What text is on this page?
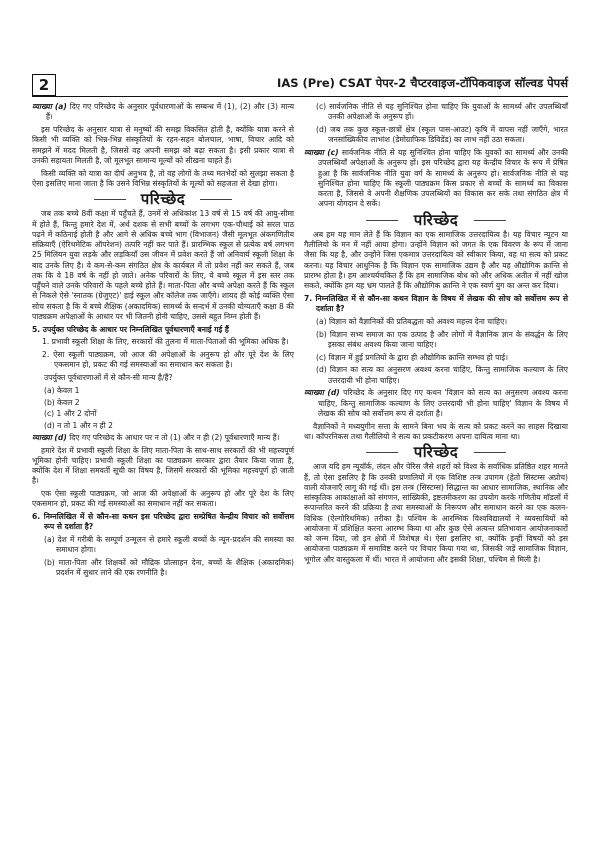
2	IAS (Pre) CSAT पेपर-2 चैप्टरवाइज-टॉपिकवाइज सॉल्वड पेपर्स

व्याख्या (a) दिए गए परिच्छेद के अनुसार पूर्वधारणाओं के सम्बन्ध में (1), (2) और (3) मान्य हैं।

इस परिच्छेद के अनुसार यात्रा से मनुष्यों की समझ विकसित होती है, क्योंकि यात्रा करने से किसी भी व्यक्ति को भिन्न-भिन्न संस्कृतियों के रहन-सहन बोलचाल, भाषा, विचार आदि को समझने में मदद मिलती है, जिससे वह अपनी समझ को बढ़ा सकता है। इसी प्रकार यात्रा से उनकी सहायता मिलती है, जो मूलभूत सामान्य मूल्यों को सीखना चाहते हैं।

किसी व्यक्ति को यात्रा का दीर्घ अनुभव है, तो वह लोगों के तथ्य मतभेदों को सुलझा सकता है ऐसा इसलिए माना जाता है कि उसने विभिन्न संस्कृतियों के मूल्यों को सहजता से देखा होगा।

परिच्छेद

जब तक बच्चे 8वीं कक्षा में पहुँचते हैं, उनमें से अधिकांश 13 वर्ष से 15 वर्ष की आयु-सीमा में होते हैं, किन्तु हमारे देश में, अर्थ दशक से सभी बच्चों के लगभग एक-चौथाई को सरल पाठ पढ़ने में कठिनाई होती है और आगे से अधिक बच्चे भाग (विभाजन) जैसी मूलभूत अंकगणितीय संक्रियाएँ (ऐरिथमेटिक ऑपरेशन) तत्परि नहीं कर पाते हैं। प्रारम्भिक स्कूल से प्रत्येक वर्ष लगभग 25 मिलियन युवा लड़के और लड़कियाँ उस जीवन में प्रवेश करते हैं जो अनिवार्य स्कूली शिक्षा के बाद उनके लिए है। वे कम-से-कम संगठित क्षेत्र के कार्यबल में तो प्रवेश नहीं कर सकते हैं, जब तक कि वे 18 वर्ष के नहीं हो जाते। अनेक परिवारों के लिए, ये बच्चे स्कूल में इस स्तर तक पहुँचने वाले उनके परिवारों के पहले बच्चे होते हैं। माता-पिता और बच्चे अपेक्षा करते हैं कि स्कूल से निकले ऐसे 'स्नातक (ग्रेजुएट)' हाई स्कूल और कॉलेज तक जाएँगे। शायद ही कोई व्यक्ति ऐसा सोच सकता है कि ये बच्चे शैक्षिक (अकादमिक) सामर्थ्य के सन्दर्भ में उनकी योग्यताएँ कक्षा 8 की पाठ्यक्रम अपेक्षाओं के आधार पर भी जितनी होनी चाहिए, उससे बहुत निम्न होती हैं।

5. उपर्युक्त परिच्छेद के आधार पर निम्नलिखित पूर्वधारणाएँ बनाई गई हैं

1. प्रभावी स्कूली शिक्षा के लिए, सरकारों की तुलना में माता-पिताओं की भूमिका अधिक है।

2. ऐसा स्कूली पाठ्यक्रम, जो आज की अपेक्षाओं के अनुरूप हो और पूरे देश के लिए एकसमान हो, प्रकट की गई समस्याओं का समाधान कर सकता है।

उपर्युक्त पूर्वधारणाओं में से कौन-सी मान्य है/हैं?

(a) केवल 1

(b) केवल 2

(c) 1 और 2 दोनों

(d) न तो 1 और न ही 2

व्याख्या (d) दिए गए परिच्छेद के आधार पर न तो (1) और न ही (2) पूर्वधारणाएँ मान्य हैं।

हमारे देश में प्रभावी स्कूली शिक्षा के लिए माता-पिता के साथ-साथ सरकारों की भी महत्त्वपूर्ण भूमिका होनी चाहिए। प्रभावी स्कूली शिक्षा का पाठ्यक्रम सरकार द्वारा तैयार किया जाता है, क्योंकि देश में शिक्षा समवर्ती सूची का विषय है, जिसमें सरकारों की भूमिका महत्त्वपूर्ण हो जाती है।

एक ऐसा स्कूली पाठ्यक्रम, जो आज की अपेक्षाओं के अनुरूप हो और पूरे देश के लिए एकसमान हो, प्रकट की गई समस्याओं का समाधान नहीं कर सकता।

6. निम्नलिखित में से कौन-सा कथन इस परिच्छेद द्वारा सम्प्रेषित केन्द्रीय विचार को सर्वोत्तम रूप से दर्शाता है?

(a) देश में गरीबी के सम्पूर्ण उन्मूलन से हमारे स्कूली बच्चों के न्यून-प्रदर्शन की समस्या का समाधान होगा।

(b) माता-पिता और शिक्षकों को मौद्रिक प्रोत्साहन देना, बच्चों के शैक्षिक (अकादमिक) प्रदर्शन में सुधार लाने की एक रणनीति है।

(c) सार्वजनिक नीति से यह सुनिश्चित होना चाहिए कि युवाओं के सामर्थ्य और उपलब्धियाँ उनकी अपेक्षाओं के अनुरूप हों।

(d) जब तक कुछ स्कूल-छात्रों क्षेत्र (स्कूल पास-आउट) कृषि में वापस नहीं जाएँगे, भारत जनसांख्यिकीय लाभांश (डेमोग्राफिक डिविडेंड) का लाभ नहीं उठा सकता।

व्याख्या (c) सार्वजनिक नीति से यह सुनिश्चित होना चाहिए कि युवकों का सामर्थ्य और उनकी उपलब्धियाँ अपेक्षाओं के अनुरूप हों। इस परिच्छेद द्वारा यह केन्द्रीय विचार के रूप में प्रेषित हुआ है कि सार्वजनिक नीति युवा वर्ग के सामर्थ्य के अनुरूप हो। सार्वजनिक नीति से यह सुनिश्चित होना चाहिए कि स्कूली पाठ्यक्रम किस प्रकार से बच्चों के सामर्थ्य का विकास करता है, जिससे वे अपनी शैक्षणिक उपलब्धियों का विकास कर सके तथा संगठित क्षेत्र में अपना योगदान दे सकें।

परिच्छेद

अब हम यह मान लेते हैं कि विज्ञान का एक सामाजिक उत्तरदायित्व है। यह विचार न्यूटन या गैलीलियो के मन में नहीं आया होगा। उन्होंने विज्ञान को जगत के एक विवरण के रूप में जाना जैसा कि यह है, और उन्होंने जिस एकमात्र उत्तरदायित्व को स्वीकार किया, वह था सत्य को प्रकट करना। यह विचार आधुनिक है कि विज्ञान एक सामाजिक उद्यम है और यह औद्योगिक क्रान्ति से प्रारम्भ होता है। हम आश्चर्यचकित हैं कि हम सामाजिक बोध को और अधिक अतीत में नहीं खोज सकते, क्योंकि हम यह भ्रम पालते हैं कि औद्योगिक क्रान्ति ने एक स्वर्ण युग का अन्त कर दिया।

7. निम्नलिखित में से कौन-सा कथन विज्ञान के विषय में लेखक की सोच को सर्वोत्तम रूप से दर्शाता है?

(a) विज्ञान को वैज्ञानिकों की प्रतिबद्धता को अवश्य महत्त्व देना चाहिए।

(b) विज्ञान सभ्य समाज का एक उत्पाद है और लोगों में वैज्ञानिक ज्ञान के संवर्द्धन के लिए इसका संबंध अवश्य किया जाना चाहिए।

(c) विज्ञान में हुई प्रगतियों के द्वारा ही औद्योगिक क्रान्ति सम्भव हो पाई।

(d) विज्ञान का सत्य का अनुसरण अवश्य करना चाहिए, किन्तु सामाजिक कल्याण के लिए उत्तरदायी भी होना चाहिए।

व्याख्या (d) परिच्छेद के अनुसार दिए गए कथन 'विज्ञान को सत्य का अनुसरण अवश्य करना चाहिए, किन्तु सामाजिक कल्याण के लिए उत्तरदायी भी होना चाहिए' विज्ञान के विषय में लेखक की सोच को सर्वोत्तम रूप से दर्शाता है।

वैज्ञानिकों ने मध्ययुगीन सत्ता के सामने बिना भय के सत्य को प्रकट करने का साहस दिखाया था। कॉपरनिकस तथा गैलीलियो ने सत्य का प्रकटीकरण अपना दायित्व माना था।

परिच्छेद

आज यदि हम न्यूयॉर्क, लंदन और पेरिस जैसे शहरों को विश्व के सर्वाधिक प्रतिष्ठित शहर मानते हैं, तो ऐसा इसलिए है कि उनकी प्रणालियों में एक विशिष्ट तन्त्र उपागम (हेतो सिस्टम्स अप्रोच) वाली योजनाएँ लागू की गई थीं। इस तन्त्र (सिस्टम्स) सिद्धान्त का आधार सामाजिक, स्थानिक और सांस्कृतिक आकांक्षाओं को संगणन, सांख्यिकी, इष्टतमीकरण का उपयोग करके गणितीय मॉडलों में रूपान्तरित करने की प्रक्रिया है तथा समस्याओं के निरूपण और समाधान करने का एक कलन-विधिक (ऐल्गोरिथमिक) तरीका है। पश्चिम के आरम्भिक विश्वविद्यालयों ने व्यवसायियों को आयोजना में प्रशिक्षित करना आरम्भ किया था और कुछ ऐसे अत्यन्त प्रतिभावान आयोजनाकारों को जन्म दिया, जो इन क्षेत्रों में विशेषज्ञ थे। ऐसा इसलिए था, क्योंकि इन्हीं विषयों को इस आयोजना पाठ्यक्रम में समाविष्ट करने पर विचार किया गया था, जिसकी जड़ें सामाजिक विज्ञान, भूगोल और वास्तुकला में थीं। भारत में आयोजना और इसकी शिक्षा, पश्चिम से मिली है।
